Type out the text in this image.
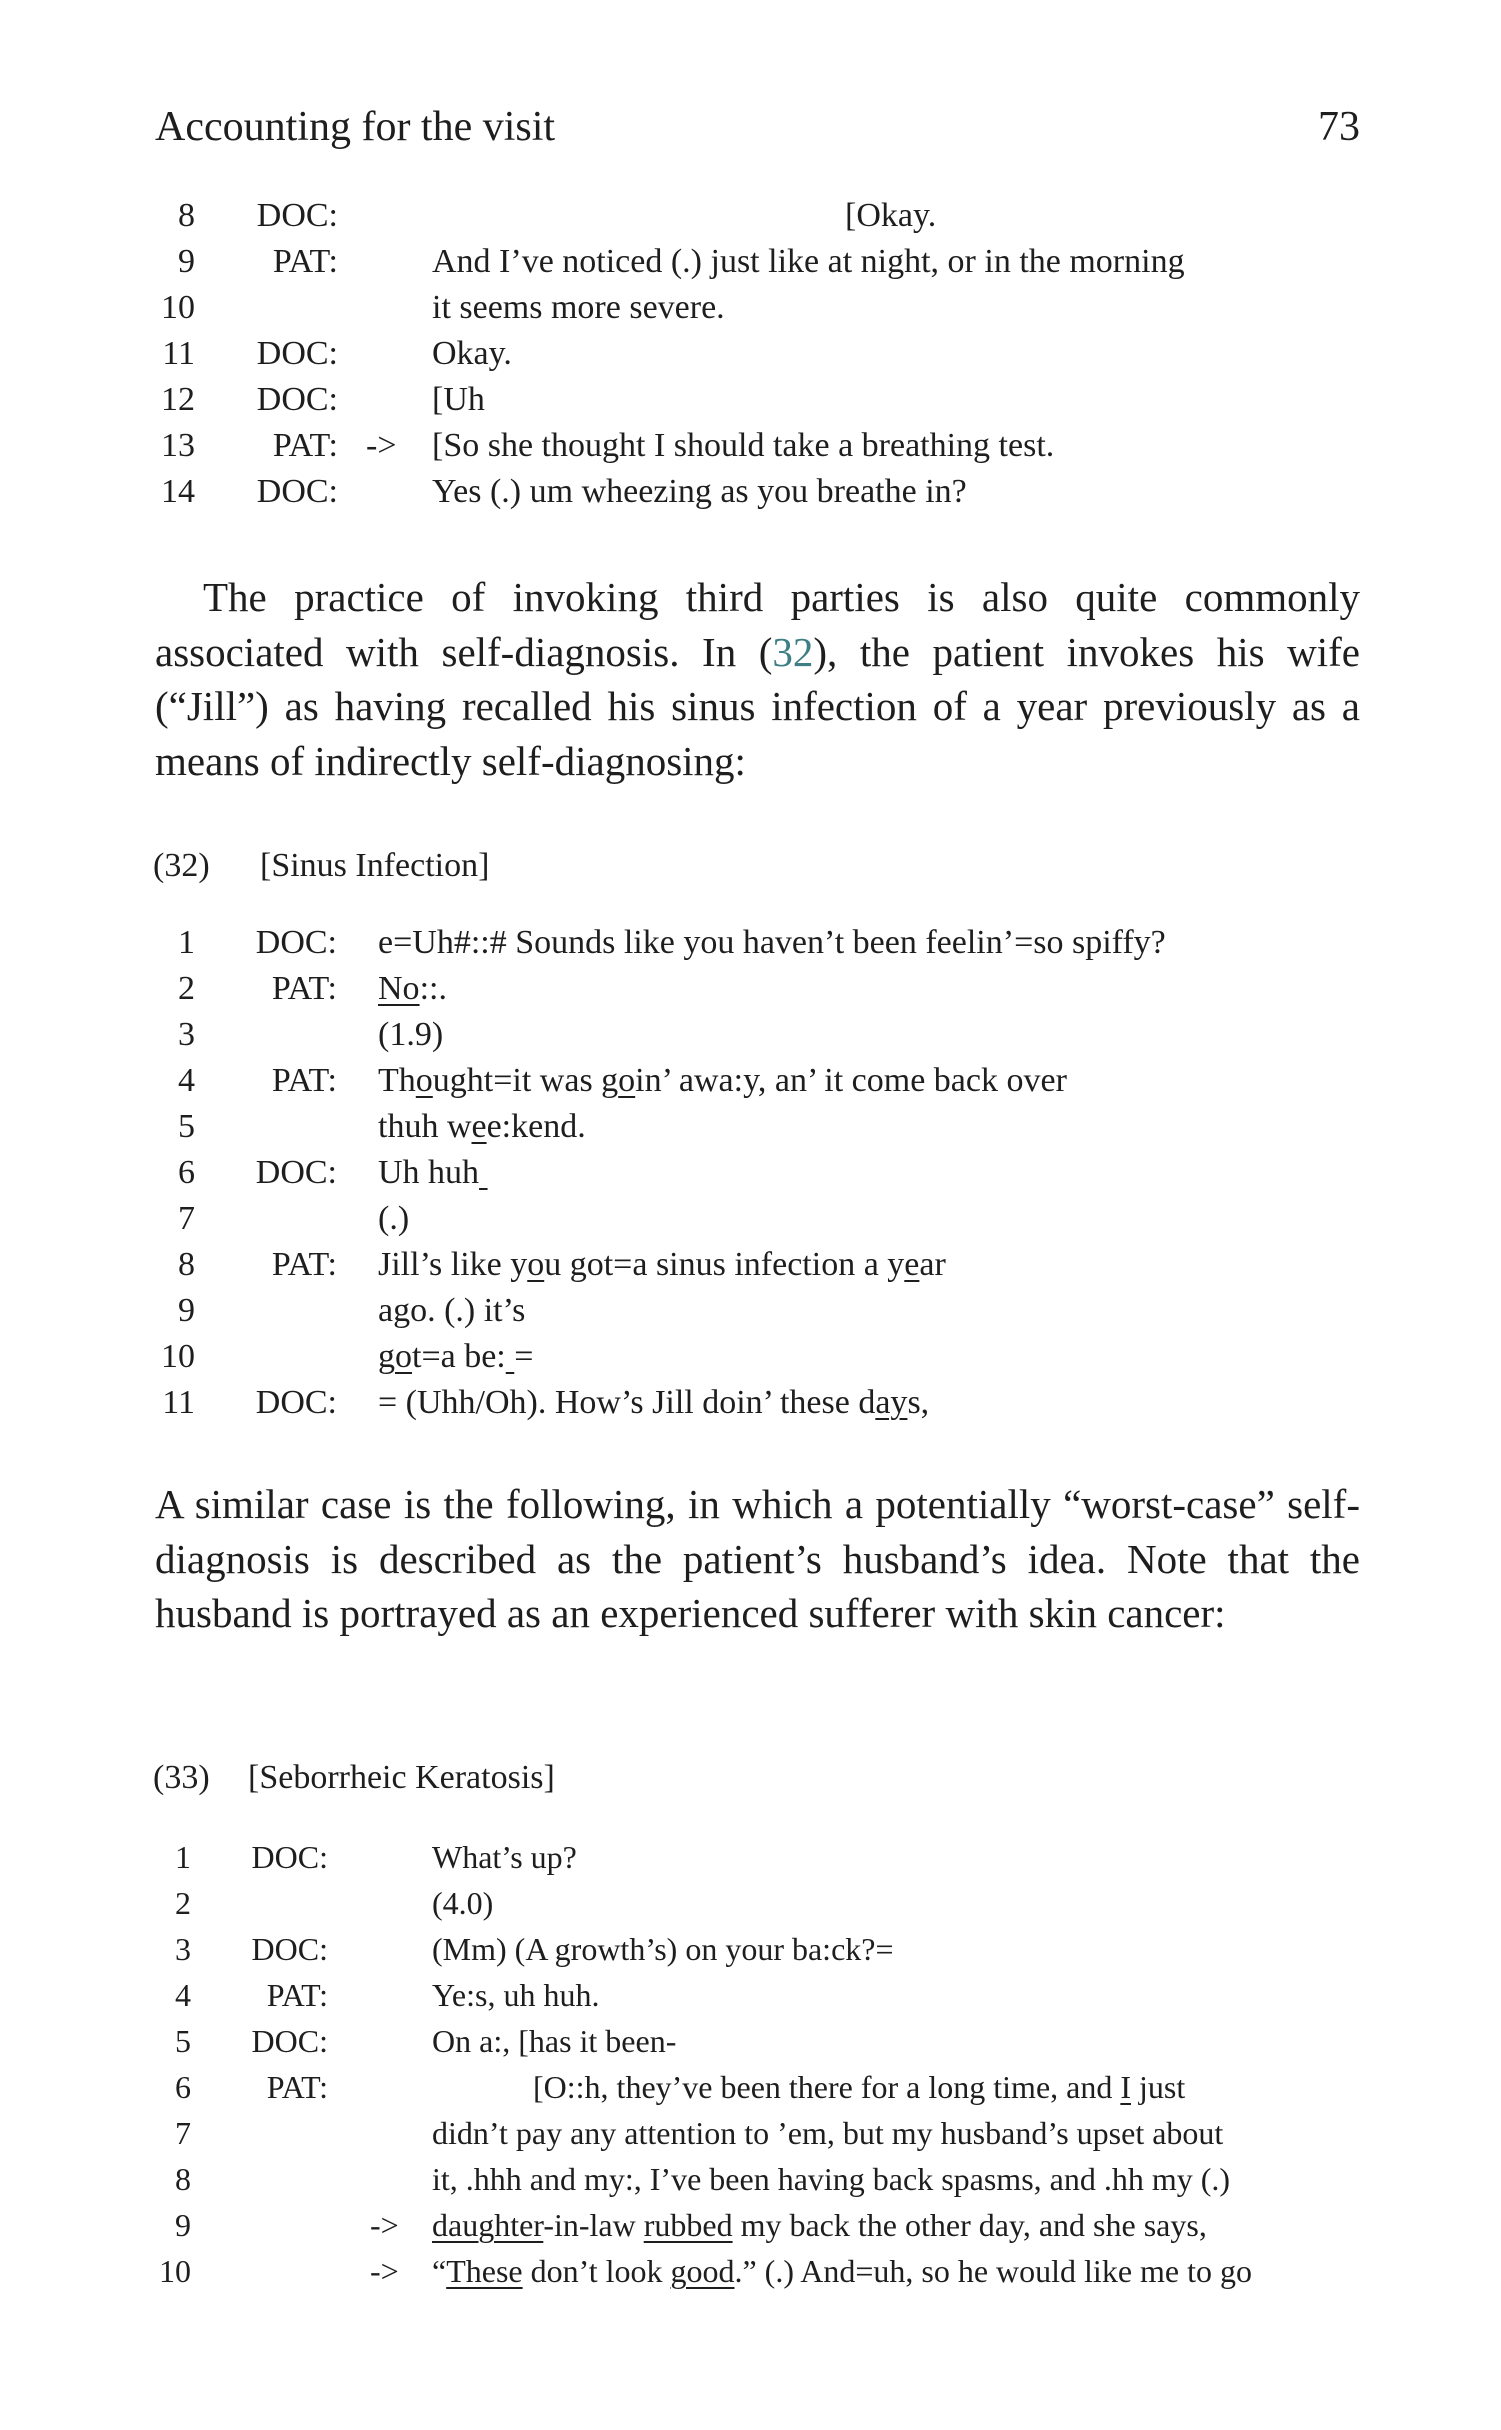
Accounting for the visit	73
8	DOC:	[Okay.
9	PAT:	And I’ve noticed (.) just like at night, or in the morning
10	it seems more severe.
11	DOC:	Okay.
12	DOC:	[Uh
13	PAT: -> [So she thought I should take a breathing test.
14	DOC:	Yes (.) um wheezing as you breathe in?
The practice of invoking third parties is also quite commonly associated with self-diagnosis. In (32), the patient invokes his wife (“Jill”) as having recalled his sinus infection of a year previously as a means of indirectly self-diagnosing:
(32) [Sinus Infection]
1	DOC: e=Uh#::# Sounds like you haven’t been feelin’=so spiffy?
2	PAT: No::.
3	(1.9)
4	PAT: Thought=it was goin’ awa:y, an’ it come back over
5	thuh wee:kend.
6	DOC: Uh huh
7	(.)
8	PAT: Jill’s like you got=a sinus infection a year
9	ago. (.) it’s
10	got=a be: =
11	DOC: = (Uhh/Oh). How’s Jill doin’ these days,
A similar case is the following, in which a potentially “worst-case” self-diagnosis is described as the patient’s husband’s idea. Note that the husband is portrayed as an experienced sufferer with skin cancer:
(33) [Seborrheic Keratosis]
1	DOC:	What’s up?
2	(4.0)
3	DOC:	(Mm) (A growth’s) on your ba:ck?=
4	PAT:	Ye:s, uh huh.
5	DOC:	On a:, [has it been-
6	PAT:	[O::h, they’ve been there for a long time, and I just
7	didn’t pay any attention to ’em, but my husband’s upset about
8	it, .hhh and my:, I’ve been having back spasms, and .hh my (.)
9	-> daughter-in-law rubbed my back the other day, and she says,
10	-> “These don’t look good.” (.) And=uh, so he would like me to go
